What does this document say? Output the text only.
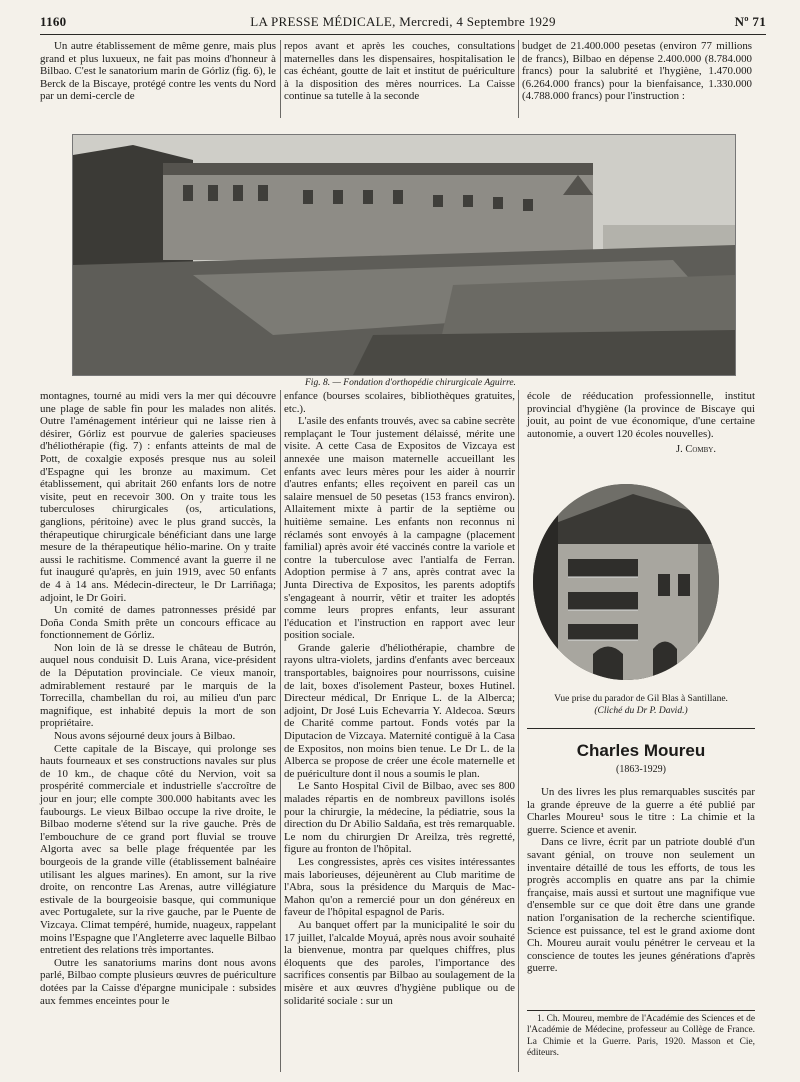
1160	LA PRESSE MÉDICALE, Mercredi, 4 Septembre 1929	Nº 71

Un autre établissement de même genre, mais plus grand et plus luxueux, ne fait pas moins d'honneur à Bilbao. C'est le sanatorium marin de Górliz (fig. 6), le Berck de la Biscaye, protégé contre les vents du Nord par un demi-cercle de

repos avant et après les couches, consultations maternelles dans les dispensaires, hospitalisation le cas échéant, goutte de lait et institut de puériculture à la disposition des mères nourrices. La Caisse continue sa tutelle à la seconde

budget de 21.400.000 pesetas (environ 77 millions de francs), Bilbao en dépense 2.400.000 (8.784.000 francs) pour la salubrité et l'hygiène, 1.470.000 (6.264.000 francs) pour la bienfaisance, 1.330.000 (4.788.000 francs) pour l'instruction :

Fig. 8. — Fondation d'orthopédie chirurgicale Aguirre.

montagnes, tourné au midi vers la mer qui découvre une plage de sable fin pour les malades non alités. Outre l'aménagement intérieur qui ne laisse rien à désirer, Górliz est pourvue de galeries spacieuses d'héliothérapie (fig. 7) : enfants atteints de mal de Pott, de coxalgie exposés presque nus au soleil d'Espagne qui les bronze au maximum. Cet établissement, qui abritait 260 enfants lors de notre visite, peut en recevoir 300. On y traite tous les tuberculoses chirurgicales (os, articulations, ganglions, péritoine) avec le plus grand succès, la thérapeutique chirurgicale bénéficiant dans une large mesure de la thérapeutique hélio-marine. On y traite aussi le rachitisme. Commencé avant la guerre il ne fut inauguré qu'après, en juin 1919, avec 50 enfants de 4 à 14 ans. Médecin-directeur, le Dr Larriñaga; adjoint, le Dr Goiri.

Un comité de dames patronnesses présidé par Doña Conda Smith prête un concours efficace au fonctionnement de Górliz.

Non loin de là se dresse le château de Butrón, auquel nous conduisit D. Luis Arana, vice-président de la Députation provinciale. Ce vieux manoir, admirablement restauré par le marquis de la Torrecilla, chambellan du roi, au milieu d'un parc magnifique, est inhabité depuis la mort de son propriétaire.

Nous avons séjourné deux jours à Bilbao.

Cette capitale de la Biscaye, qui prolonge ses hauts fourneaux et ses constructions navales sur plus de 10 km., de chaque côté du Nervion, voit sa prospérité commerciale et industrielle s'accroître de jour en jour; elle compte 300.000 habitants avec les faubourgs. Le vieux Bilbao occupe la rive droite, le Bilbao moderne s'étend sur la rive gauche. Près de l'embouchure de ce grand port fluvial se trouve Algorta avec sa belle plage fréquentée par les bourgeois de la grande ville (établissement balnéaire utilisant les algues marines). En amont, sur la rive droite, on rencontre Las Arenas, autre villégiature estivale de la bourgeoisie basque, qui communique avec Portugalete, sur la rive gauche, par le Puente de Vizcaya. Climat tempéré, humide, nuageux, rappelant moins l'Espagne que l'Angleterre avec laquelle Bilbao entretient des relations très importantes.

Outre les sanatoriums marins dont nous avons parlé, Bilbao compte plusieurs œuvres de puériculture dotées par la Caisse d'épargne municipale : subsides aux femmes enceintes pour le

enfance (bourses scolaires, bibliothèques gratuites, etc.).

L'asile des enfants trouvés, avec sa cabine secrète remplaçant le Tour justement délaissé, mérite une visite. A cette Casa de Expositos de Vizcaya est annexée une maison maternelle accueillant les enfants avec leurs mères pour les aider à nourrir d'autres enfants; elles reçoivent en pareil cas un salaire mensuel de 50 pesetas (153 francs environ). Allaitement mixte à partir de la septième ou huitième semaine. Les enfants non reconnus ni réclamés sont envoyés à la campagne (placement familial) après avoir été vaccinés contre la variole et contre la tuberculose avec l'antialfa de Ferran. Adoption permise à 7 ans, après contrat avec la Junta Directiva de Expositos, les parents adoptifs s'engageant à nourrir, vêtir et traiter les adoptés comme leurs propres enfants, leur assurant l'éducation et l'instruction en rapport avec leur position sociale.

Grande galerie d'héliothérapie, chambre de rayons ultra-violets, jardins d'enfants avec berceaux transportables, baignoires pour nourrissons, cuisine de lait, boxes d'isolement Pasteur, boxes Hutinel. Directeur médical, Dr Enrique L. de la Alberca; adjoint, Dr José Luis Echevarria Y. Aldecoa. Sœurs de Charité comme partout. Fonds votés par la Diputacion de Vizcaya. Maternité contiguë à la Casa de Expositos, non moins bien tenue. Le Dr L. de la Alberca se propose de créer une école maternelle et de puériculture dont il nous a soumis le plan.

Le Santo Hospital Civil de Bilbao, avec ses 800 malades répartis en de nombreux pavillons isolés pour la chirurgie, la médecine, la pédiatrie, sous la direction du Dr Abilio Saldaña, est très remarquable. Le nom du chirurgien Dr Areilza, très regretté, figure au fronton de l'hôpital.

Les congressistes, après ces visites intéressantes mais laborieuses, déjeunèrent au Club maritime de l'Abra, sous la présidence du Marquis de Mac-Mahon qu'on a remercié pour un don généreux en faveur de l'hôpital espagnol de Paris.

Au banquet offert par la municipalité le soir du 17 juillet, l'alcalde Moyuá, après nous avoir souhaité la bienvenue, montra par quelques chiffres, plus éloquents que des paroles, l'importance des sacrifices consentis par Bilbao au soulagement de la misère et aux œuvres d'hygiène publique ou de solidarité sociale : sur un

école de rééducation professionnelle, institut provincial d'hygiène (la province de Biscaye qui jouit, au point de vue économique, d'une certaine autonomie, a ouvert 120 écoles nouvelles).

J. Comby.
Vue prise du parador de Gil Blas à Santillane.
(Cliché du Dr P. David.)
Charles Moureu
(1863-1929)

Un des livres les plus remarquables suscités par la grande épreuve de la guerre a été publié par Charles Moureu¹ sous le titre : La chimie et la guerre. Science et avenir.

Dans ce livre, écrit par un patriote doublé d'un savant génial, on trouve non seulement un inventaire détaillé de tous les efforts, de tous les progrès accomplis en quatre ans par la chimie française, mais aussi et surtout une magnifique vue d'ensemble sur ce que doit être dans une grande nation l'organisation de la recherche scientifique. Science est puissance, tel est le grand axiome dont Ch. Moureu aurait voulu pénétrer le cerveau et la conscience de toutes les jeunes générations d'après guerre.

1. Ch. Moureu, membre de l'Académie des Sciences et de l'Académie de Médecine, professeur au Collège de France. La Chimie et la Guerre. Paris, 1920. Masson et Cie, éditeurs.
